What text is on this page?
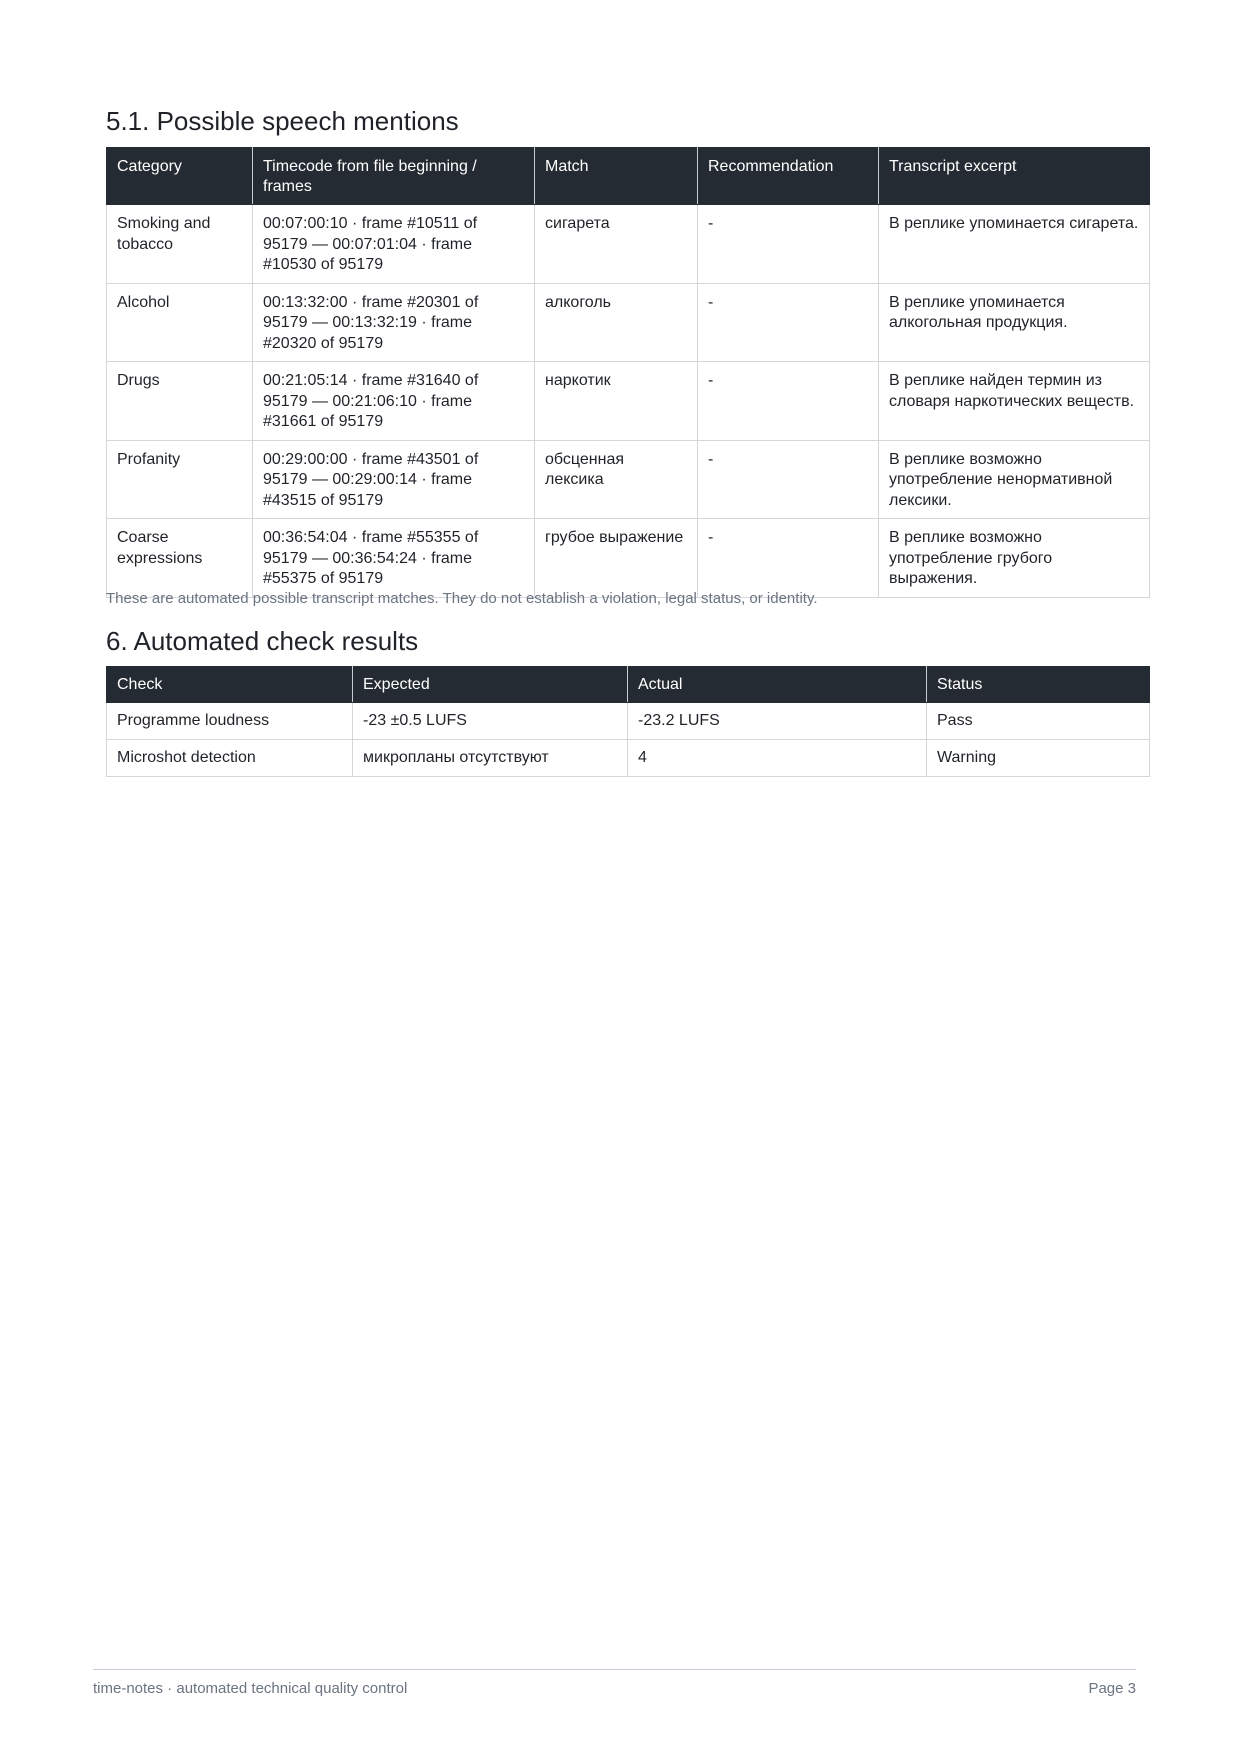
5.1. Possible speech mentions
Category	Timecode from file beginning / frames	Match	Recommendation	Transcript excerpt
Smoking and tobacco	00:07:00:10 · frame #10511 of 95179 — 00:07:01:04 · frame #10530 of 95179	сигарета	-	В реплике упоминается сигарета.
Alcohol	00:13:32:00 · frame #20301 of 95179 — 00:13:32:19 · frame #20320 of 95179	алкоголь	-	В реплике упоминается алкогольная продукция.
Drugs	00:21:05:14 · frame #31640 of 95179 — 00:21:06:10 · frame #31661 of 95179	наркотик	-	В реплике найден термин из словаря наркотических веществ.
Profanity	00:29:00:00 · frame #43501 of 95179 — 00:29:00:14 · frame #43515 of 95179	обсценная лексика	-	В реплике возможно употребление ненормативной лексики.
Coarse expressions	00:36:54:04 · frame #55355 of 95179 — 00:36:54:24 · frame #55375 of 95179	грубое выражение	-	В реплике возможно употребление грубого выражения.
These are automated possible transcript matches. They do not establish a violation, legal status, or identity.
6. Automated check results
Check	Expected	Actual	Status
Programme loudness	-23 ±0.5 LUFS	-23.2 LUFS	Pass
Microshot detection	микропланы отсутствуют	4	Warning
time-notes · automated technical quality control	Page 3
